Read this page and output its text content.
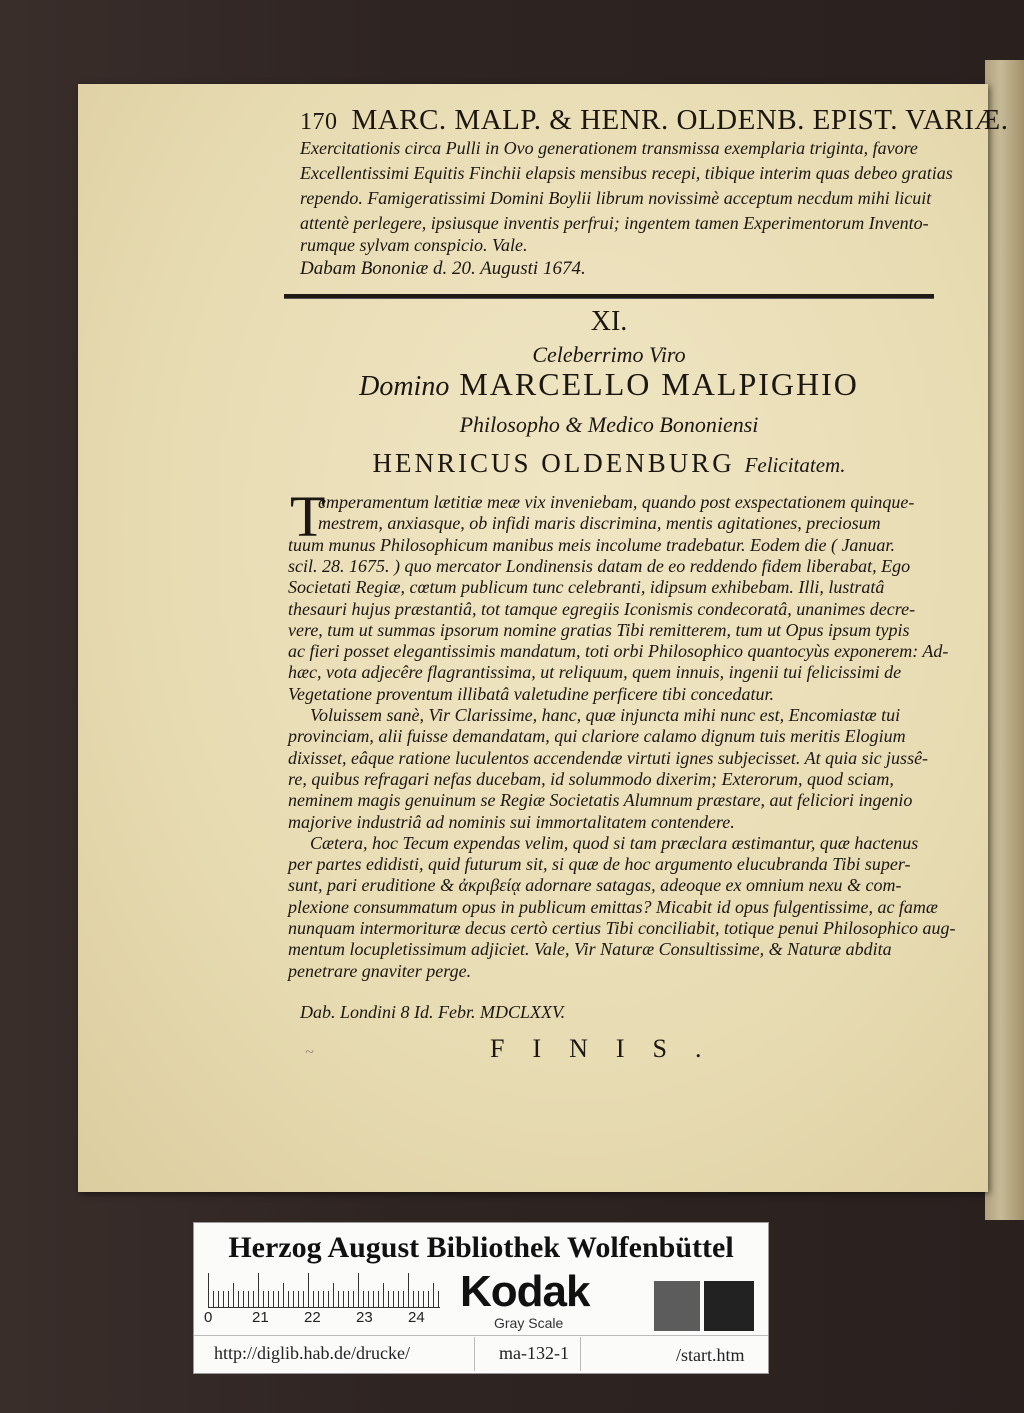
170 MARC. MALP. & HENR. OLDENB. EPIST. VARIÆ.
Exercitationis circa Pulli in Ovo generationem transmissa exemplaria triginta, favore
Excellentissimi Equitis Finchii elapsis mensibus recepi, tibique interim quas debeo gratias
rependo. Famigeratissimi Domini Boylii librum novissimè acceptum necdum mihi licuit
attentè perlegere, ipsiusque inventis perfrui; ingentem tamen Experimentorum Invento-
rumque sylvam conspicio. Vale.
Dabam Bononiæ d. 20. Augusti 1674.
XI.
Celeberrimo Viro
Domino MARCELLO MALPIGHIO
Philosopho & Medico Bononiensi
HENRICUS OLDENBURG Felicitatem.
T
emperamentum lætitiæ meæ vix inveniebam, quando post exspectationem quinque-
mestrem, anxiasque, ob infidi maris discrimina, mentis agitationes, preciosum
tuum munus Philosophicum manibus meis incolume tradebatur. Eodem die ( Januar.
scil. 28. 1675. ) quo mercator Londinensis datam de eo reddendo fidem liberabat, Ego
Societati Regiæ, cœtum publicum tunc celebranti, idipsum exhibebam. Illi, lustratâ
thesauri hujus præstantiâ, tot tamque egregiis Iconismis condecoratâ, unanimes decre-
vere, tum ut summas ipsorum nomine gratias Tibi remitterem, tum ut Opus ipsum typis
ac fieri posset elegantissimis mandatum, toti orbi Philosophico quantocyùs exponerem: Ad-
hæc, vota adjecêre flagrantissima, ut reliquum, quem innuis, ingenii tui felicissimi de
Vegetatione proventum illibatâ valetudine perficere tibi concedatur.
Voluissem sanè, Vir Clarissime, hanc, quæ injuncta mihi nunc est, Encomiastæ tui
provinciam, alii fuisse demandatam, qui clariore calamo dignum tuis meritis Elogium
dixisset, eâque ratione luculentos accendendæ virtuti ignes subjecisset. At quia sic jussê-
re, quibus refragari nefas ducebam, id solummodo dixerim; Exterorum, quod sciam,
neminem magis genuinum se Regiæ Societatis Alumnum præstare, aut feliciori ingenio
majorive industriâ ad nominis sui immortalitatem contendere.
Cætera, hoc Tecum expendas velim, quod si tam præclara æstimantur, quæ hactenus
per partes edidisti, quid futurum sit, si quæ de hoc argumento elucubranda Tibi super-
sunt, pari eruditione & ἀκριβείᾳ adornare satagas, adeoque ex omnium nexu & com-
plexione consummatum opus in publicum emittas? Micabit id opus fulgentissime, ac famæ
nunquam intermorituræ decus certò certius Tibi conciliabit, totique penui Philosophico aug-
mentum locupletissimum adjiciet. Vale, Vir Naturæ Consultissime, & Naturæ abdita
penetrare gnaviter perge.
Dab. Londini 8 Id. Febr. MDCLXXV.
~	FINIS.
Herzog August Bibliothek Wolfenbüttel
0	21 22 23 24
Kodak
Gray Scale
http://diglib.hab.de/drucke/	ma-132-1	/start.htm
